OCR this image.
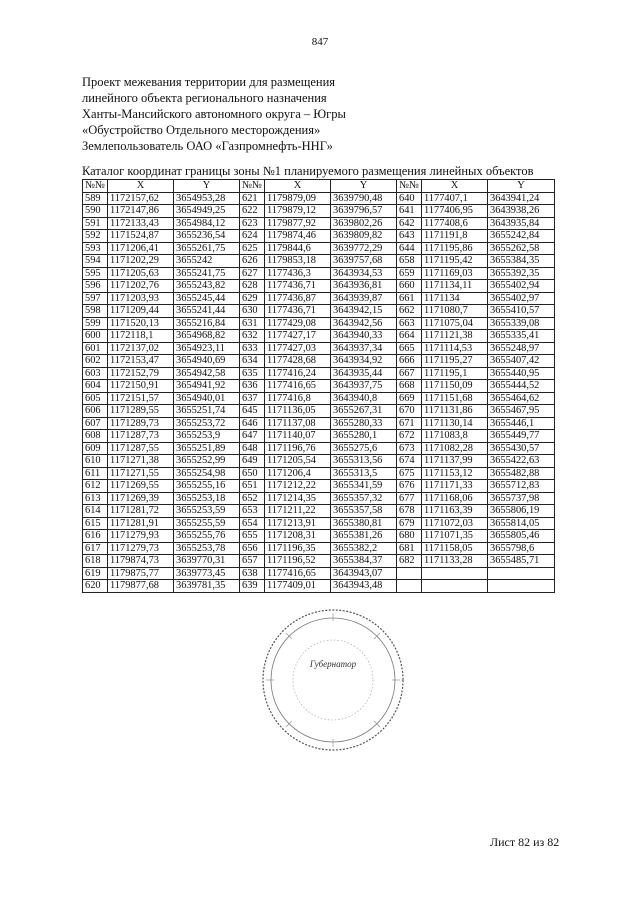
847
Проект межевания территории для размещения
линейного объекта регионального назначения
Ханты-Мансийского автономного округа – Югры
«Обустройство Отдельного месторождения»
Землепользователь ОАО «Газпромнефть-ННГ»
Каталог координат границы зоны №1 планируемого размещения линейных объектов
№№	X	Y	№№	X	Y	№№	X	Y
589	1172157,62	3654953,28	621	1179879,09	3639790,48	640	1177407,1	3643941,24
590	1172147,86	3654949,25	622	1179879,12	3639796,57	641	1177406,95	3643938,26
591	1172133,43	3654984,12	623	1179877,92	3639802,26	642	1177408,6	3643935,84
592	1171524,87	3655236,54	624	1179874,46	3639809,82	643	1171191,8	3655242,84
593	1171206,41	3655261,75	625	1179844,6	3639772,29	644	1171195,86	3655262,58
594	1171202,29	3655242	626	1179853,18	3639757,68	658	1171195,42	3655384,35
595	1171205,63	3655241,75	627	1177436,3	3643934,53	659	1171169,03	3655392,35
596	1171202,76	3655243,82	628	1177436,71	3643936,81	660	1171134,11	3655402,94
597	1171203,93	3655245,44	629	1177436,87	3643939,87	661	1171134	3655402,97
598	1171209,44	3655241,44	630	1177436,71	3643942,15	662	1171080,7	3655410,57
599	1171520,13	3655216,84	631	1177429,08	3643942,56	663	1171075,04	3655339,08
600	1172118,1	3654968,82	632	1177427,17	3643940,33	664	1171121,38	3655335,41
601	1172137,02	3654923,11	633	1177427,03	3643937,34	665	1171114,53	3655248,97
602	1172153,47	3654940,69	634	1177428,68	3643934,92	666	1171195,27	3655407,42
603	1172152,79	3654942,58	635	1177416,24	3643935,44	667	1171195,1	3655440,95
604	1172150,91	3654941,92	636	1177416,65	3643937,75	668	1171150,09	3655444,52
605	1172151,57	3654940,01	637	1177416,8	3643940,8	669	1171151,68	3655464,62
606	1171289,55	3655251,74	645	1171136,05	3655267,31	670	1171131,86	3655467,95
607	1171289,73	3655253,72	646	1171137,08	3655280,33	671	1171130,14	3655446,1
608	1171287,73	3655253,9	647	1171140,07	3655280,1	672	1171083,8	3655449,77
609	1171287,55	3655251,89	648	1171196,76	3655275,6	673	1171082,28	3655430,57
610	1171271,38	3655252,99	649	1171205,54	3655313,56	674	1171137,99	3655422,63
611	1171271,55	3655254,98	650	1171206,4	3655313,5	675	1171153,12	3655482,88
612	1171269,55	3655255,16	651	1171212,22	3655341,59	676	1171171,33	3655712,83
613	1171269,39	3655253,18	652	1171214,35	3655357,32	677	1171168,06	3655737,98
614	1171281,72	3655253,59	653	1171211,22	3655357,58	678	1171163,39	3655806,19
615	1171281,91	3655255,59	654	1171213,91	3655380,81	679	1171072,03	3655814,05
616	1171279,93	3655255,76	655	1171208,31	3655381,26	680	1171071,35	3655805,46
617	1171279,73	3655253,78	656	1171196,35	3655382,2	681	1171158,05	3655798,6
618	1179874,73	3639770,31	657	1171196,52	3655384,37	682	1171133,28	3655485,71
619	1179875,77	3639773,45	638	1177416,65	3643943,07			
620	1179877,68	3639781,35	639	1177409,01	3643943,48			
Губернатор
Лист 82 из 82
